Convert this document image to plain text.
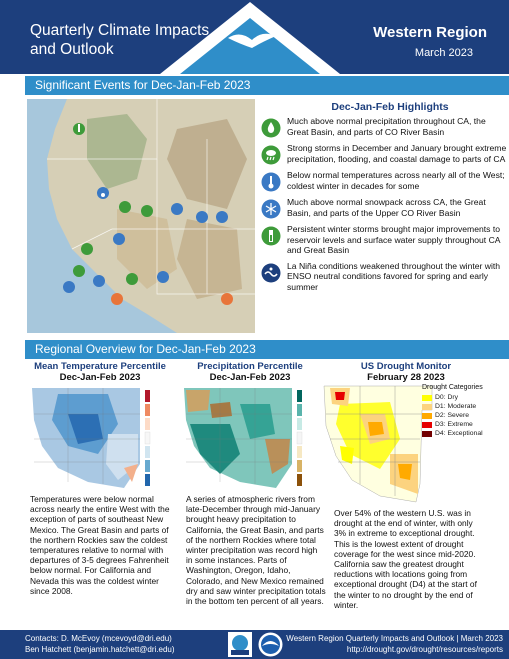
Quarterly Climate Impacts
and Outlook
Western Region
March 2023
Significant Events for Dec-Jan-Feb 2023
Dec-Jan-Feb Highlights
Much above normal precipitation throughout CA, the Great Basin, and parts of CO River Basin
Strong storms in December and January brought extreme precipitation, flooding, and coastal damage to parts of CA
Below normal temperatures across nearly all of the West; coldest winter in decades for some
Much above normal snowpack across CA, the Great Basin, and parts of the Upper CO River Basin
Persistent winter storms brought major improvements to reservoir levels and surface water supply throughout CA and Great Basin
La Niña conditions weakened throughout the winter with ENSO neutral conditions favored for spring and early summer
Regional Overview for Dec-Jan-Feb 2023
Mean Temperature Percentile
Dec-Jan-Feb 2023
Precipitation Percentile
Dec-Jan-Feb 2023
US Drought Monitor
February 28 2023
Drought Categories
D0: Dry
D1: Moderate
D2: Severe
D3: Extreme
D4: Exceptional
Temperatures were below normal across nearly the entire West with the exception of parts of southeast New Mexico. The Great Basin and parts of the northern Rockies saw the coldest temperatures relative to normal with departures of 3-5 degrees Fahrenheit below normal. For California and Nevada this was the coldest winter since 2008.
A series of atmospheric rivers from late-December through mid-January brought heavy precipitation to California, the Great Basin, and parts of the northern Rockies where total winter precipitation was record high in some instances. Parts of Washington, Oregon, Idaho, Colorado, and New Mexico remained dry and saw winter precipitation totals in the bottom ten percent of all years.
Over 54% of the western U.S. was in drought at the end of winter, with only 3% in extreme to exceptional drought. This is the lowest extent of drought coverage for the west since mid-2020. California saw the greatest drought reductions with locations going from exceptional drought (D4) at the start of the winter to no drought by the end of winter.
Contacts: D. McEvoy (mcevoyd@dri.edu)
Ben Hatchett (benjamin.hatchett@dri.edu)
Western Region Quarterly Impacts and Outlook | March 2023
http://drought.gov/drought/resources/reports
